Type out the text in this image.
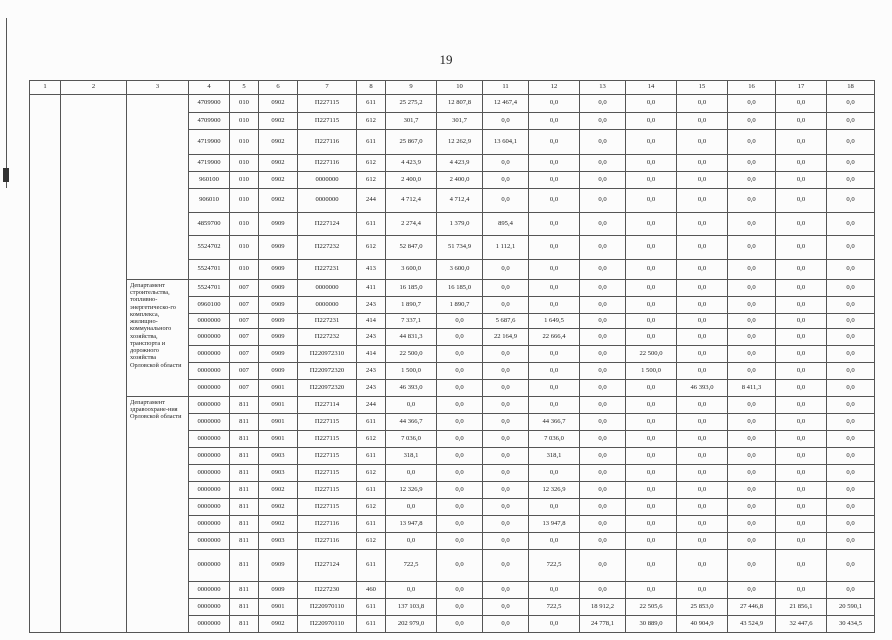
19
1	2	3	4	5	6	7	8	9	10	11	12	13	14	15	16	17	18
			4709900	010	0902	П227115	611	25 275,2	12 807,8	12 467,4	0,0	0,0	0,0	0,0	0,0	0,0	0,0
			4709900	010	0902	П227115	612	301,7	301,7	0,0	0,0	0,0	0,0	0,0	0,0	0,0	0,0
			4719900	010	0902	П227116	611	25 867,0	12 262,9	13 604,1	0,0	0,0	0,0	0,0	0,0	0,0	0,0
			4719900	010	0902	П227116	612	4 423,9	4 423,9	0,0	0,0	0,0	0,0	0,0	0,0	0,0	0,0
			960100	010	0902	0000000	612	2 400,0	2 400,0	0,0	0,0	0,0	0,0	0,0	0,0	0,0	0,0
			906010	010	0902	0000000	244	4 712,4	4 712,4	0,0	0,0	0,0	0,0	0,0	0,0	0,0	0,0
			4859700	010	0909	П227124	611	2 274,4	1 379,0	895,4	0,0	0,0	0,0	0,0	0,0	0,0	0,0
			5524702	010	0909	П227232	612	52 847,0	51 734,9	1 112,1	0,0	0,0	0,0	0,0	0,0	0,0	0,0
			5524701	010	0909	П227231	413	3 600,0	3 600,0	0,0	0,0	0,0	0,0	0,0	0,0	0,0	0,0
		Департамент строительства, топливно-энергетическо-го комплекса, жилищно-коммунального хозяйства, транспорта и дорожного хозяйства Орловской области	5524701	007	0909	0000000	411	16 185,0	16 185,0	0,0	0,0	0,0	0,0	0,0	0,0	0,0	0,0
			0960100	007	0909	0000000	243	1 890,7	1 890,7	0,0	0,0	0,0	0,0	0,0	0,0	0,0	0,0
			0000000	007	0909	П227231	414	7 337,1	0,0	5 687,6	1 649,5	0,0	0,0	0,0	0,0	0,0	0,0
			0000000	007	0909	П227232	243	44 831,3	0,0	22 164,9	22 666,4	0,0	0,0	0,0	0,0	0,0	0,0
			0000000	007	0909	П220972310	414	22 500,0	0,0	0,0	0,0	0,0	22 500,0	0,0	0,0	0,0	0,0
			0000000	007	0909	П220972320	243	1 500,0	0,0	0,0	0,0	0,0	1 500,0	0,0	0,0	0,0	0,0
			0000000	007	0901	П220972320	243	46 393,0	0,0	0,0	0,0	0,0	0,0	46 393,0	8 411,3	0,0	0,0
		Департамент здравоохране-ния Орловской области	0000000	811	0901	П227114	244	0,0	0,0	0,0	0,0	0,0	0,0	0,0	0,0	0,0	0,0
			0000000	811	0901	П227115	611	44 366,7	0,0	0,0	44 366,7	0,0	0,0	0,0	0,0	0,0	0,0
			0000000	811	0901	П227115	612	7 036,0	0,0	0,0	7 036,0	0,0	0,0	0,0	0,0	0,0	0,0
			0000000	811	0903	П227115	611	318,1	0,0	0,0	318,1	0,0	0,0	0,0	0,0	0,0	0,0
			0000000	811	0903	П227115	612	0,0	0,0	0,0	0,0	0,0	0,0	0,0	0,0	0,0	0,0
			0000000	811	0902	П227115	611	12 326,9	0,0	0,0	12 326,9	0,0	0,0	0,0	0,0	0,0	0,0
			0000000	811	0902	П227115	612	0,0	0,0	0,0	0,0	0,0	0,0	0,0	0,0	0,0	0,0
			0000000	811	0902	П227116	611	13 947,8	0,0	0,0	13 947,8	0,0	0,0	0,0	0,0	0,0	0,0
			0000000	811	0903	П227116	612	0,0	0,0	0,0	0,0	0,0	0,0	0,0	0,0	0,0	0,0
			0000000	811	0909	П227124	611	722,5	0,0	0,0	722,5	0,0	0,0	0,0	0,0	0,0	0,0
			0000000	811	0909	П227230	460	0,0	0,0	0,0	0,0	0,0	0,0	0,0	0,0	0,0	0,0
			0000000	811	0901	П220970110	611	137 103,8	0,0	0,0	722,5	18 912,2	22 505,6	25 853,0	27 446,8	21 856,1	20 590,1
			0000000	811	0902	П220970110	611	202 979,0	0,0	0,0	0,0	24 778,1	30 889,0	40 904,9	43 524,9	32 447,6	30 434,5
